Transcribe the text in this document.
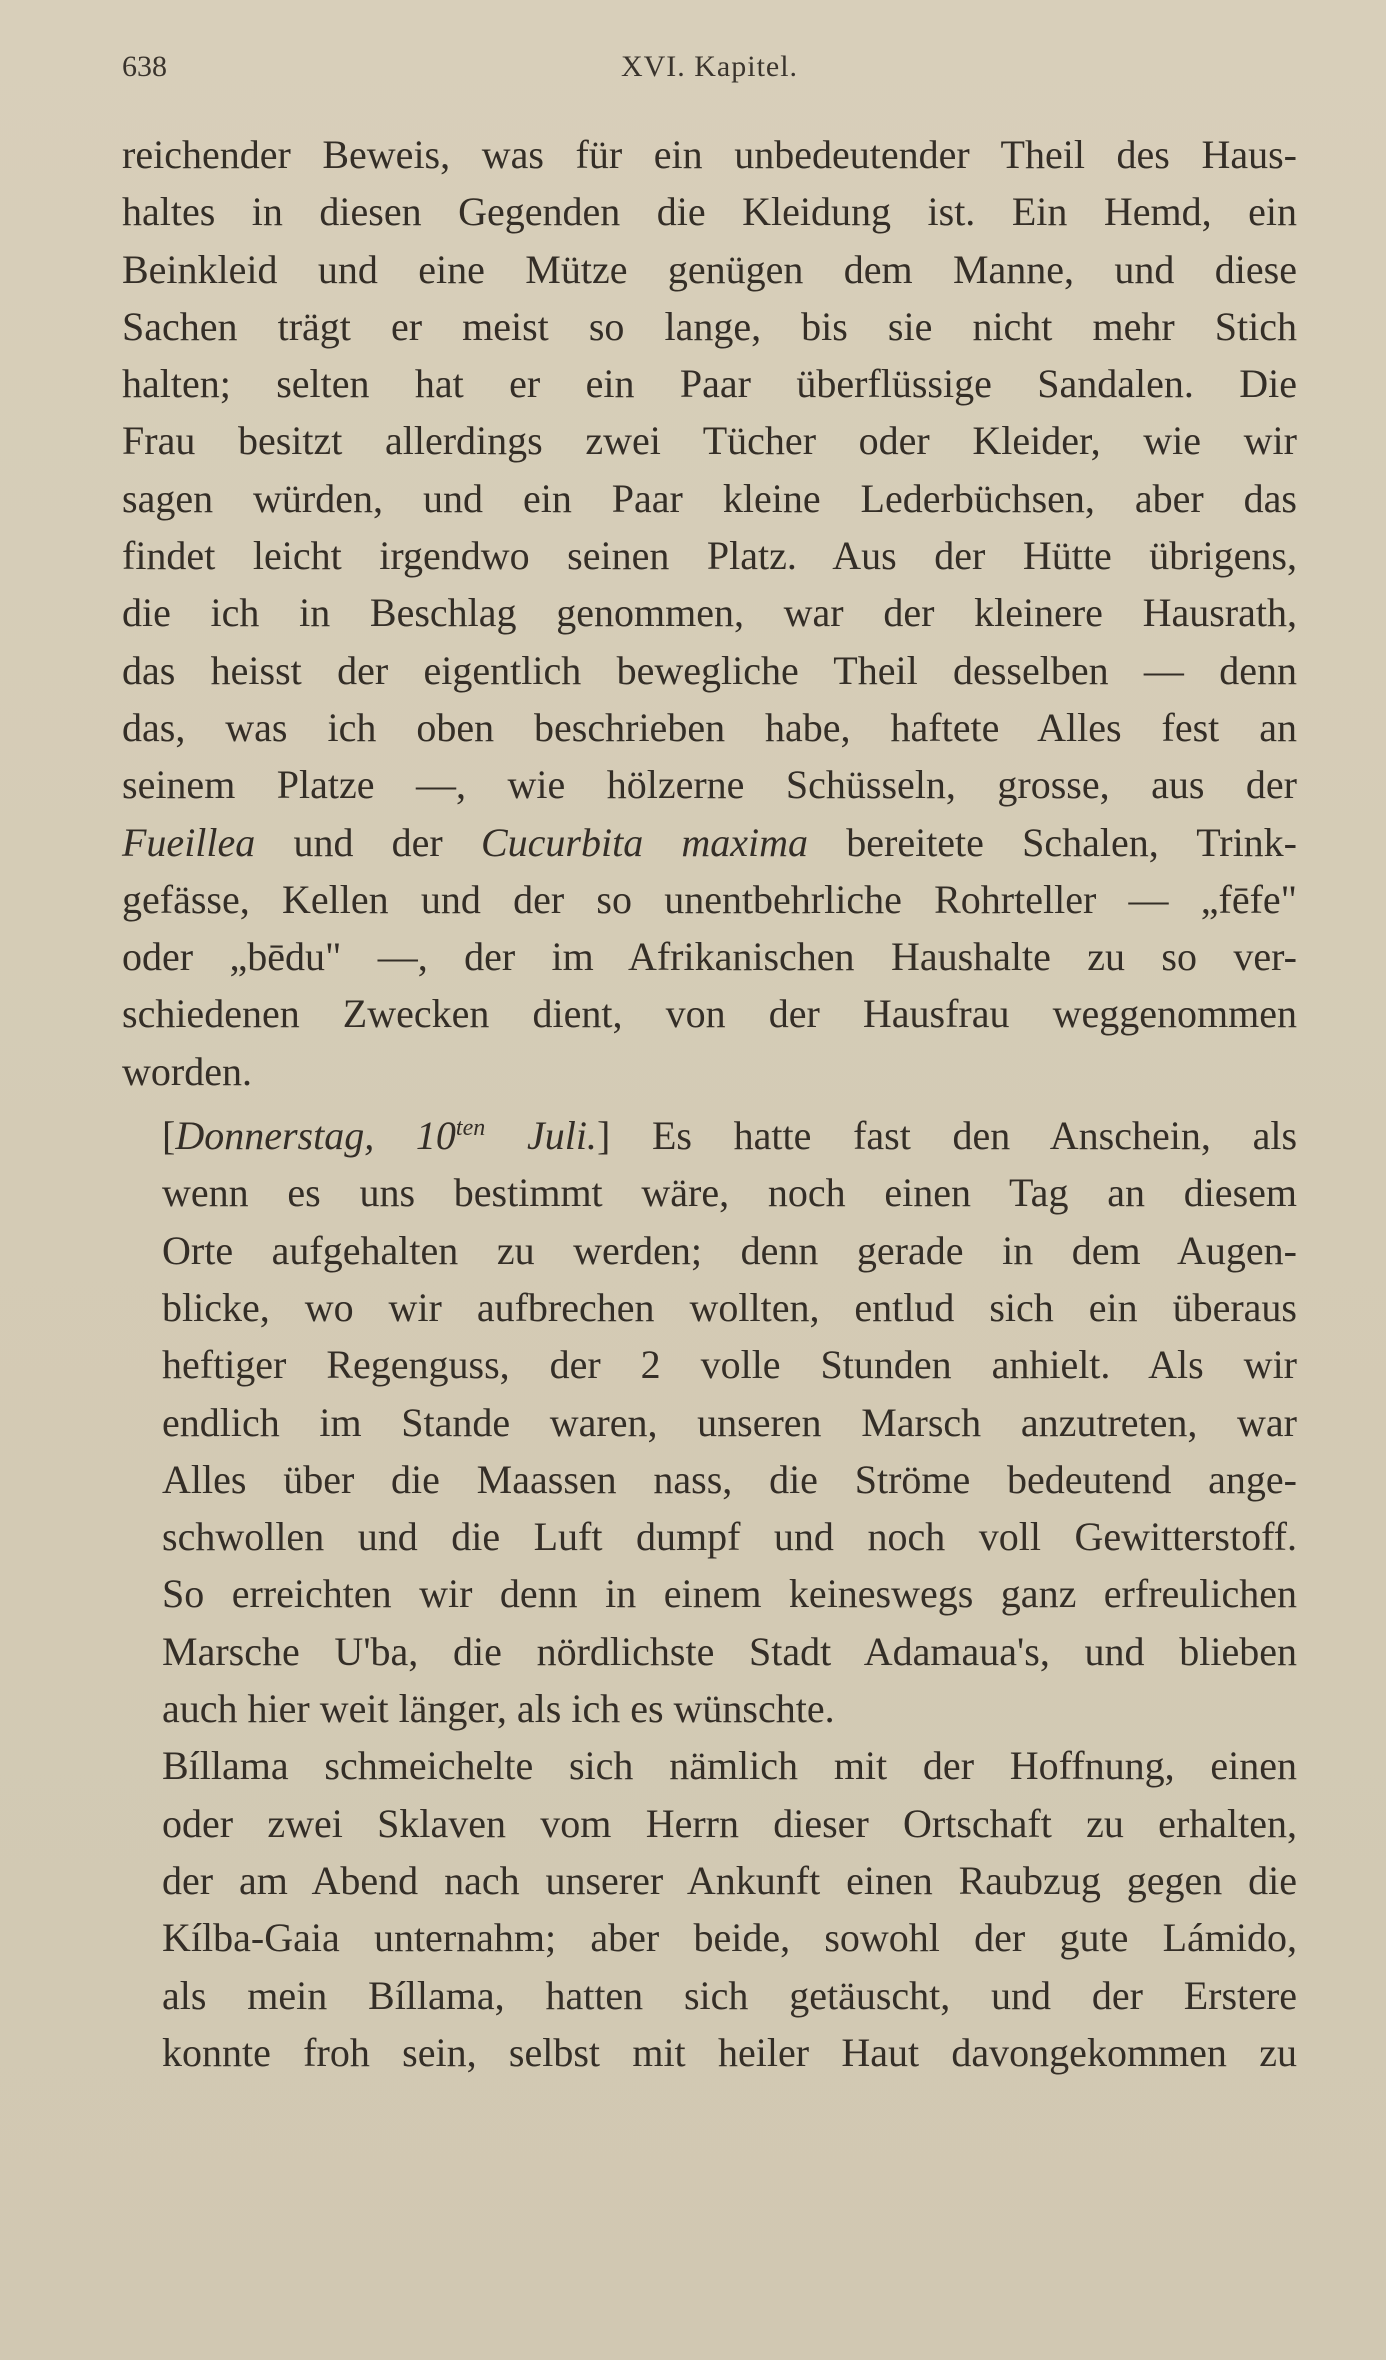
638	XVI. Kapitel.
reichender Beweis, was für ein unbedeutender Theil des Haus-
haltes in diesen Gegenden die Kleidung ist. Ein Hemd, ein
Beinkleid und eine Mütze genügen dem Manne, und diese
Sachen trägt er meist so lange, bis sie nicht mehr Stich
halten; selten hat er ein Paar überflüssige Sandalen. Die
Frau besitzt allerdings zwei Tücher oder Kleider, wie wir
sagen würden, und ein Paar kleine Lederbüchsen, aber das
findet leicht irgendwo seinen Platz. Aus der Hütte übrigens,
die ich in Beschlag genommen, war der kleinere Hausrath,
das heisst der eigentlich bewegliche Theil desselben — denn
das, was ich oben beschrieben habe, haftete Alles fest an
seinem Platze —, wie hölzerne Schüsseln, grosse, aus der
Fueillea und der Cucurbita maxima bereitete Schalen, Trink-
gefässe, Kellen und der so unentbehrliche Rohrteller — „fēfe"
oder „bēdu" —, der im Afrikanischen Haushalte zu so ver-
schiedenen Zwecken dient, von der Hausfrau weggenommen
worden.
[Donnerstag, $10^{ten}$ Juli.] Es hatte fast den Anschein, als
wenn es uns bestimmt wäre, noch einen Tag an diesem
Orte aufgehalten zu werden; denn gerade in dem Augen-
blicke, wo wir aufbrechen wollten, entlud sich ein überaus
heftiger Regenguss, der 2 volle Stunden anhielt. Als wir
endlich im Stande waren, unseren Marsch anzutreten, war
Alles über die Maassen nass, die Ströme bedeutend ange-
schwollen und die Luft dumpf und noch voll Gewitterstoff.
So erreichten wir denn in einem keineswegs ganz erfreulichen
Marsche U'ba, die nördlichste Stadt Adamaua's, und blieben
auch hier weit länger, als ich es wünschte.
Bíllama schmeichelte sich nämlich mit der Hoffnung, einen
oder zwei Sklaven vom Herrn dieser Ortschaft zu erhalten,
der am Abend nach unserer Ankunft einen Raubzug gegen die
Kílba-Gaia unternahm; aber beide, sowohl der gute Lámido,
als mein Bíllama, hatten sich getäuscht, und der Erstere
konnte froh sein, selbst mit heiler Haut davongekommen zu
